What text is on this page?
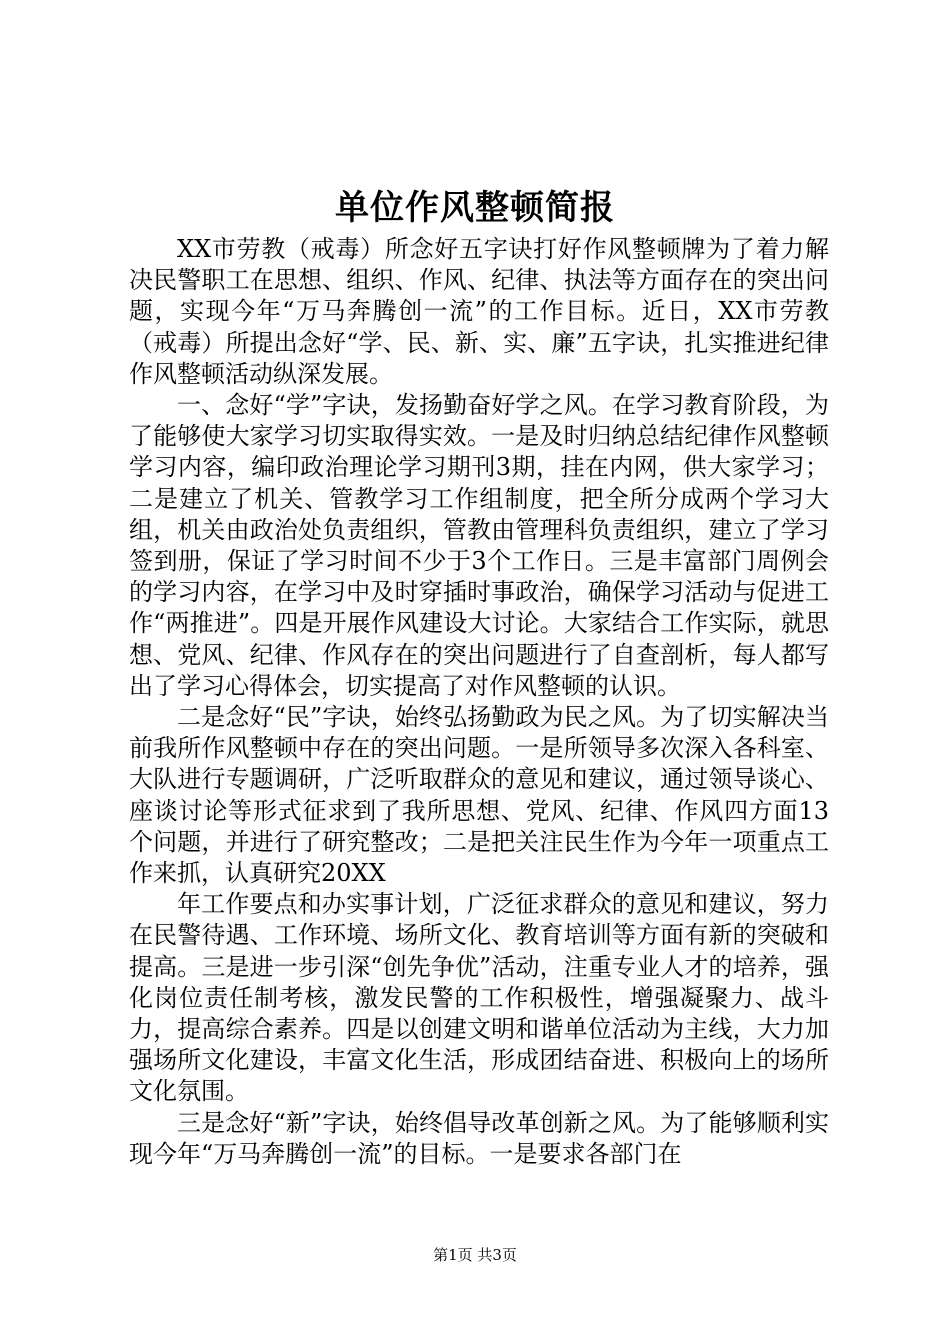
单位作风整顿简报

XX市劳教（戒毒）所念好五字诀打好作风整顿牌为了着力解决民警职工在思想、组织、作风、纪律、执法等方面存在的突出问题，实现今年“万马奔腾创一流”的工作目标。近日，XX市劳教（戒毒）所提出念好“学、民、新、实、廉”五字诀，扎实推进纪律作风整顿活动纵深发展。

一、念好“学”字诀，发扬勤奋好学之风。在学习教育阶段，为了能够使大家学习切实取得实效。一是及时归纳总结纪律作风整顿学习内容，编印政治理论学习期刊3期，挂在内网，供大家学习；二是建立了机关、管教学习工作组制度，把全所分成两个学习大组，机关由政治处负责组织，管教由管理科负责组织，建立了学习签到册，保证了学习时间不少于3个工作日。三是丰富部门周例会的学习内容，在学习中及时穿插时事政治，确保学习活动与促进工作“两推进”。四是开展作风建设大讨论。大家结合工作实际，就思想、党风、纪律、作风存在的突出问题进行了自查剖析，每人都写出了学习心得体会，切实提高了对作风整顿的认识。

二是念好“民”字诀，始终弘扬勤政为民之风。为了切实解决当前我所作风整顿中存在的突出问题。一是所领导多次深入各科室、大队进行专题调研，广泛听取群众的意见和建议，通过领导谈心、座谈讨论等形式征求到了我所思想、党风、纪律、作风四方面13个问题，并进行了研究整改；二是把关注民生作为今年一项重点工作来抓，认真研究20XX

年工作要点和办实事计划，广泛征求群众的意见和建议，努力在民警待遇、工作环境、场所文化、教育培训等方面有新的突破和提高。三是进一步引深“创先争优”活动，注重专业人才的培养，强化岗位责任制考核，激发民警的工作积极性，增强凝聚力、战斗力，提高综合素养。四是以创建文明和谐单位活动为主线，大力加强场所文化建设，丰富文化生活，形成团结奋进、积极向上的场所文化氛围。

三是念好“新”字诀，始终倡导改革创新之风。为了能够顺利实现今年“万马奔腾创一流”的目标。一是要求各部门在

第1页 共3页
